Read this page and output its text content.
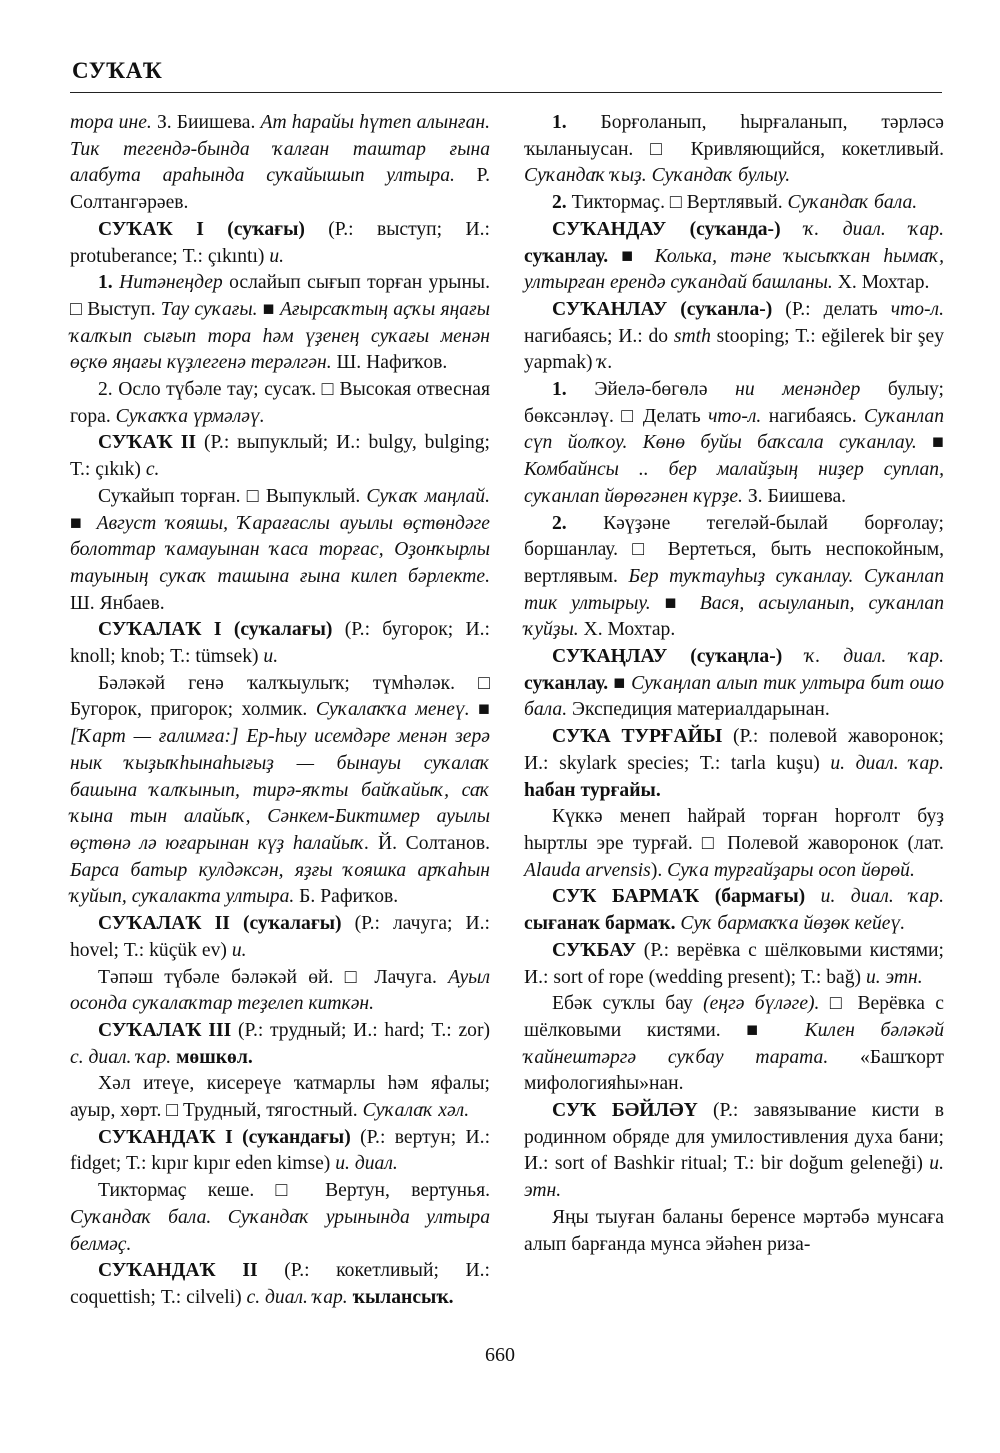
СУҠАҠ

тора ине. З. Биишева. Ат һарайы һүтеп алынған. Тик тегендә-бында ҡалған таштар ғына алабута араһында суҡайышып ултыра. Р. Солтангәрәев.

СУҠАҠ I (суҡағы) (Р.: выступ; И.: protuberance; Т.: çıkıntı) и.

1. Ниmәнеңдер ослайып сығып торған урыны. □ Выступ. Тау суҡағы. ■ Ағырсаҡтың аҫҡы яңағы ҡалҡып сығып тора һәм үҙенең суҡағы менән өҫкө яңағы күҙлегенә терәлгән. Ш. Нафиҡов.

2. Осло түбәле тау; сусаҡ. □ Высокая отвесная гора. Суҡаҡҡа үрмәләү.

СУҠАҠ II (Р.: выпуклый; И.: bulgy, bulging; Т.: çıkık) с.

Суҡайып торған. □ Выпуклый. Суҡаҡ маңлай. ■ Август ҡояшы, Ҡарағаслы ауылы өҫтөндәге болоттар ҡамауынан ҡаса торғас, Оҙонҡырлы тауының суҡаҡ ташына ғына килеп бәрлекте. Ш. Янбаев.

СУҠАЛАҠ I (суҡалағы) (Р.: бугорок; И.: knoll; knob; Т.: tümsek) и.

Бәләкәй генә ҡалҡыулыҡ; түмһәләк. □ Бугорок, пригорок; холмик. Суҡалаҡҡа менеү. ■ [Ҡарт — ғалимға:] Ер-һыу исемдәре менән зерә нык ҡыҙыҡһынаһығыҙ — бынауы суҡалаҡ башына ҡалҡынып, тирә-яҡты байҡайыҡ, саҡ ҡына тын алайыҡ, Сәнкем-Биктимер ауылы өҫтөнә лә юғарынан күҙ һалайыҡ. Й. Солтанов. Барса батыр кулдәксән, яҙғы ҡояшка арҡаһын ҡуйып, суҡалакта ултыра. Б. Рафиҡов.

СУҠАЛАҠ II (суҡалағы) (Р.: лачуга; И.: hovel; Т.: küçük ev) и.

Тәпәш түбәле бәләкәй өй. □ Лачуга. Ауыл осонда суҡалаҡтар теҙелеп киткән.

СУҠАЛАҠ III (Р.: трудный; И.: hard; Т.: zor) с. диал. ҡар. мөшкөл.

Хәл итеүе, кисереүе ҡатмарлы һәм яфалы; ауыр, хөрт. □ Трудный, тягостный. Суҡалаҡ хәл.

СУҠАНДАҠ I (суҡандағы) (Р.: вертун; И.: fidget; Т.: kıpır kıpır eden kimse) и. диал.

Тиктормаҫ кеше. □ Вертун, вертунья. Суҡандаҡ бала. Суҡандаҡ урынында ултыра белмәҫ.

СУҠАНДАҠ II (Р.: кокетливый; И.: coquettish; Т.: cilveli) с. диал. ҡар. ҡылансыҡ.

1. Борғоланып, һырғаланып, тәрләсә ҡыланыусан. □ Кривляющийся, кокетливый. Суҡандаҡ ҡыҙ. Суҡандаҡ булыу.

2. Тиктормаҫ. □ Вертлявый. Суҡандаҡ бала.

СУҠАНДАУ (суҡанда-) ҡ. диал. ҡар. суҡанлау. ■ Колька, тәне ҡысыҡҡан һымаҡ, ултырған ерендә суҡандай башланы. Х. Мохтар.

СУҠАНЛАУ (суҡанла-) (Р.: делать что-л. нагибаясь; И.: do smth stooping; Т.: eğilerek bir şey yapmak) ҡ.

1. Эйелә-бөгөлә ни менәндер булыу; бөксәнләү. □ Делать что-л. нагибаясь. Суҡанлап сүп йолҡоу. Көнө буйы баҡсала суҡанлау. ■ Комбайнсы .. бер малайҙың ниҙер суплап, суҡанлап йөрөгәнен күрҙе. З. Биишева.

2. Кәүҙәне тегеләй-былай борғолау; боршанлау. □ Вертеться, быть неспокойным, вертлявым. Бер туҡтауһыҙ суҡанлау. Суҡанлап тик ултырыу. ■ Вася, асыуланып, суҡанлап ҡуйҙы. Х. Мохтар.

СУҠАҢЛАУ (суҡаңла-) ҡ. диал. ҡар. суҡанлау. ■ Суҡаңлап алып тик ултыра бит ошо бала. Экспедиция материалдарынан.

СУҠА ТУРҒАЙЫ (Р.: полевой жаворонок; И.: skylark species; Т.: tarla kuşu) и. диал. ҡар. һабан турғайы.

Күккә менеп һайрай торған һорғолт буҙ һыртлы эре турғай. □ Полевой жаворонок (лат. Alauda arvensis). Суҡа турғайҙары осоп йөрөй.

СУҠ БАРМАҠ (бармағы) и. диал. ҡар. сығанаҡ бармаҡ. Суҡ бармаҡҡа йөҙөк кейеү.

СУҠБАУ (Р.: верёвка с шёлковыми кистями; И.: sort of rope (wedding present); Т.: bağ) и. этн.

Ебәк суҡлы бау (еңгә бүләге). □ Верёвка с шёлковыми кистями. ■ Килен бәләкәй ҡайнештәргә суҡбау тарата. «Башҡорт мифологияһы»нан.

СУҠ БӘЙЛӘҮ (Р.: завязывание кисти в родинном обряде для умилостивления духа бани; И.: sort of Bashkir ritual; Т.: bir doğum geleneği) и. этн.

Яңы тыуған баланы беренсе мәртәбә мунсаға алып барғанда мунса эйәһен риза-

660
